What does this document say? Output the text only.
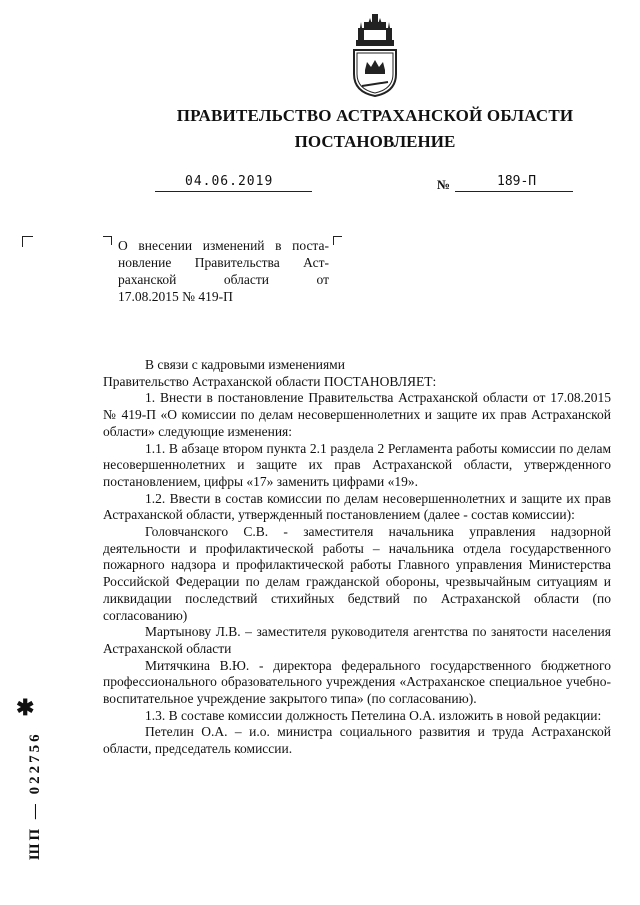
ПРАВИТЕЛЬСТВО АСТРАХАНСКОЙ ОБЛАСТИ
ПОСТАНОВЛЕНИЕ
04.06.2019	№	189-П
О внесении изменений в поста-
новление Правительства Аст-
раханской области от
17.08.2015 № 419-П

В связи с кадровыми изменениями

Правительство Астраханской области ПОСТАНОВЛЯЕТ:

1. Внести в постановление Правительства Астраханской области от 17.08.2015 № 419-П «О комиссии по делам несовершеннолетних и защите их прав Астраханской области» следующие изменения:

1.1. В абзаце втором пункта 2.1 раздела 2 Регламента работы комиссии по делам несовершеннолетних и защите их прав Астраханской области, утвержденного постановлением, цифры «17» заменить цифрами «19».

1.2. Ввести в состав комиссии по делам несовершеннолетних и защите их прав Астраханской области, утвержденный постановлением (далее - состав комиссии):

Головчанского С.В. - заместителя начальника управления надзорной деятельности и профилактической работы – начальника отдела государственного пожарного надзора и профилактической работы Главного управления Министерства Российской Федерации по делам гражданской обороны, чрезвычайным ситуациям и ликвидации последствий стихийных бедствий по Астраханской области (по согласованию)

Мартынову Л.В. – заместителя руководителя агентства по занятости населения Астраханской области

Митячкина В.Ю. - директора федерального государственного бюджетного профессионального образовательного учреждения «Астраханское специальное учебно-воспитательное учреждение закрытого типа» (по согласованию).

1.3. В составе комиссии должность Петелина О.А. изложить в новой редакции:

Петелин О.А. – и.о. министра социального развития и труда Астраханской области, председатель комиссии.

ШП — 022756
✱
